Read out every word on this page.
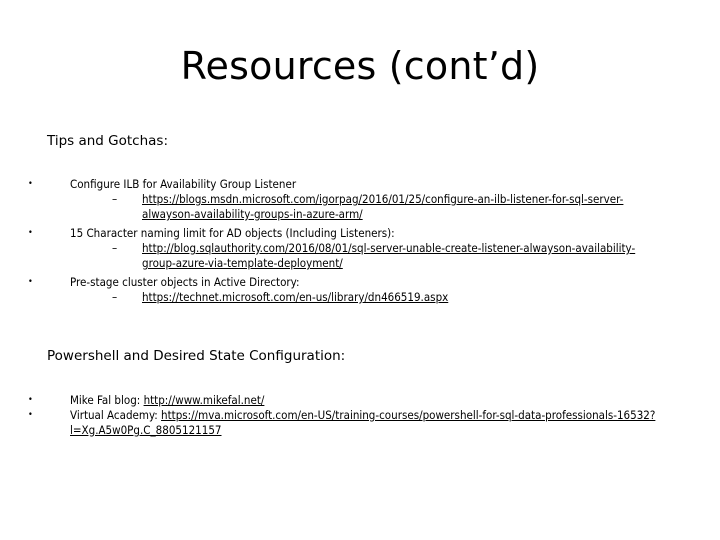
Resources (cont’d)
Tips and Gotchas:
•	Configure ILB for Availability Group Listener
– https://blogs.msdn.microsoft.com/igorpag/2016/01/25/configure-an-ilb-listener-for-sql-server-alwayson-availability-groups-in-azure-arm/
•	15 Character naming limit for AD objects (Including Listeners):
– http://blog.sqlauthority.com/2016/08/01/sql-server-unable-create-listener-alwayson-availability-group-azure-via-template-deployment/
•	Pre-stage cluster objects in Active Directory:
– https://technet.microsoft.com/en-us/library/dn466519.aspx
Powershell and Desired State Configuration:
•	Mike Fal blog: http://www.mikefal.net/
•	Virtual Academy: https://mva.microsoft.com/en-US/training-courses/powershell-for-sql-data-professionals-16532?l=Xg.A5w0Pg.C_8805121157
